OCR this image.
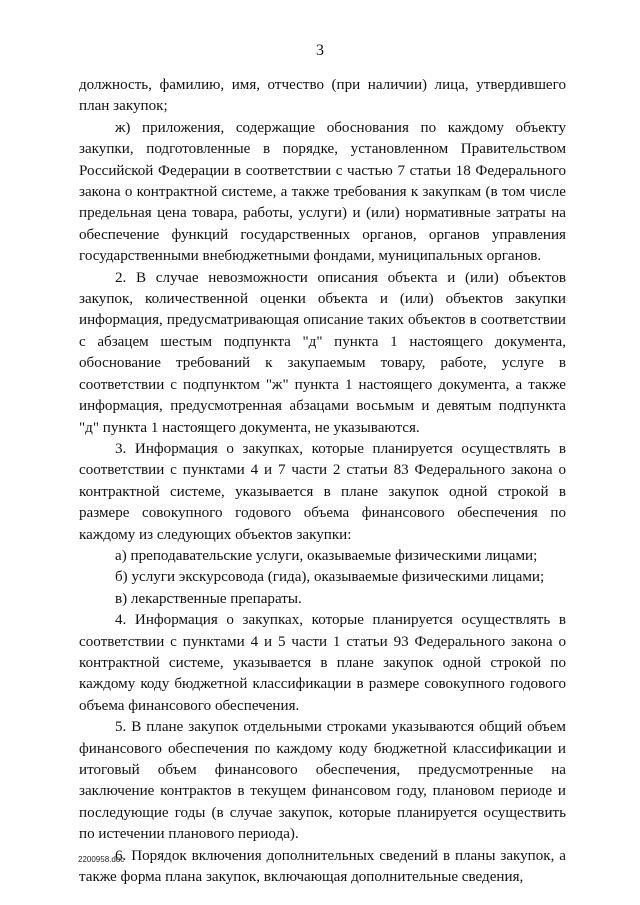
3

должность, фамилию, имя, отчество (при наличии) лица, утвердившего план закупок;

ж) приложения, содержащие обоснования по каждому объекту закупки, подготовленные в порядке, установленном Правительством Российской Федерации в соответствии с частью 7 статьи 18 Федерального закона о контрактной системе, а также требования к закупкам (в том числе предельная цена товара, работы, услуги) и (или) нормативные затраты на обеспечение функций государственных органов, органов управления государственными внебюджетными фондами, муниципальных органов.

2. В случае невозможности описания объекта и (или) объектов закупок, количественной оценки объекта и (или) объектов закупки информация, предусматривающая описание таких объектов в соответствии с абзацем шестым подпункта "д" пункта 1 настоящего документа, обоснование требований к закупаемым товару, работе, услуге в соответствии с подпунктом "ж" пункта 1 настоящего документа, а также информация, предусмотренная абзацами восьмым и девятым подпункта "д" пункта 1 настоящего документа, не указываются.

3. Информация о закупках, которые планируется осуществлять в соответствии с пунктами 4 и 7 части 2 статьи 83 Федерального закона о контрактной системе, указывается в плане закупок одной строкой в размере совокупного годового объема финансового обеспечения по каждому из следующих объектов закупки:

а) преподавательские услуги, оказываемые физическими лицами;

б) услуги экскурсовода (гида), оказываемые физическими лицами;

в) лекарственные препараты.

4. Информация о закупках, которые планируется осуществлять в соответствии с пунктами 4 и 5 части 1 статьи 93 Федерального закона о контрактной системе, указывается в плане закупок одной строкой по каждому коду бюджетной классификации в размере совокупного годового объема финансового обеспечения.

5. В плане закупок отдельными строками указываются общий объем финансового обеспечения по каждому коду бюджетной классификации и итоговый объем финансового обеспечения, предусмотренные на заключение контрактов в текущем финансовом году, плановом периоде и последующие годы (в случае закупок, которые планируется осуществить по истечении планового периода).

6. Порядок включения дополнительных сведений в планы закупок, а также форма плана закупок, включающая дополнительные сведения,

2200958.doc
